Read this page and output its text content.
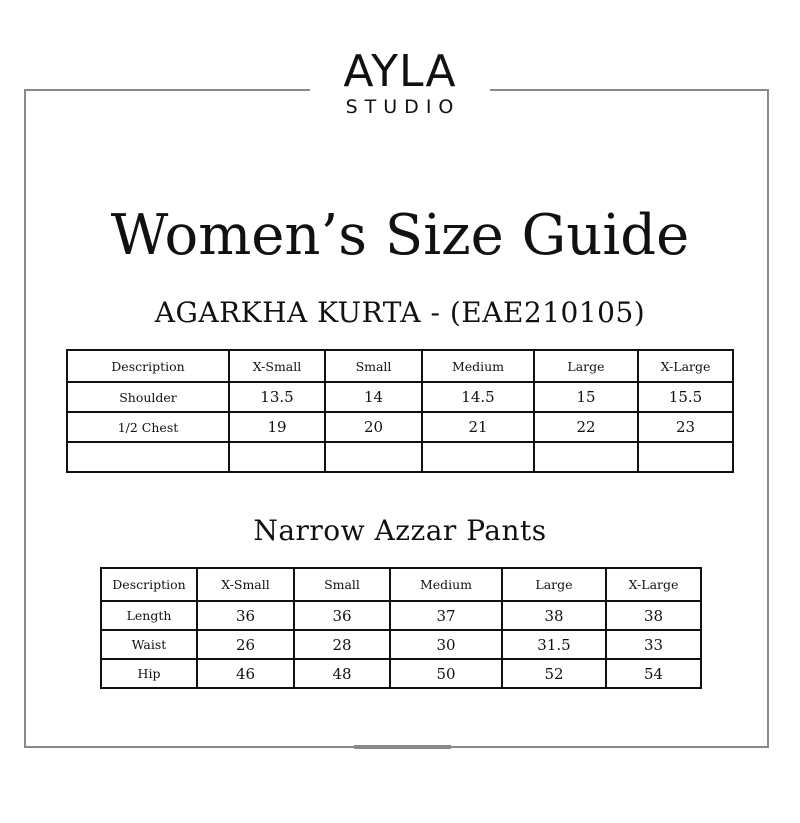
AYLA
STUDIO
Women’s Size Guide
AGARKHA KURTA - (EAE210105)
Description	X-Small	Small	Medium	Large	X-Large
Shoulder	13.5	14	14.5	15	15.5
1/2 Chest	19	20	21	22	23

Narrow Azzar Pants
Description	X-Small	Small	Medium	Large	X-Large
Length	36	36	37	38	38
Waist	26	28	30	31.5	33
Hip	46	48	50	52	54
